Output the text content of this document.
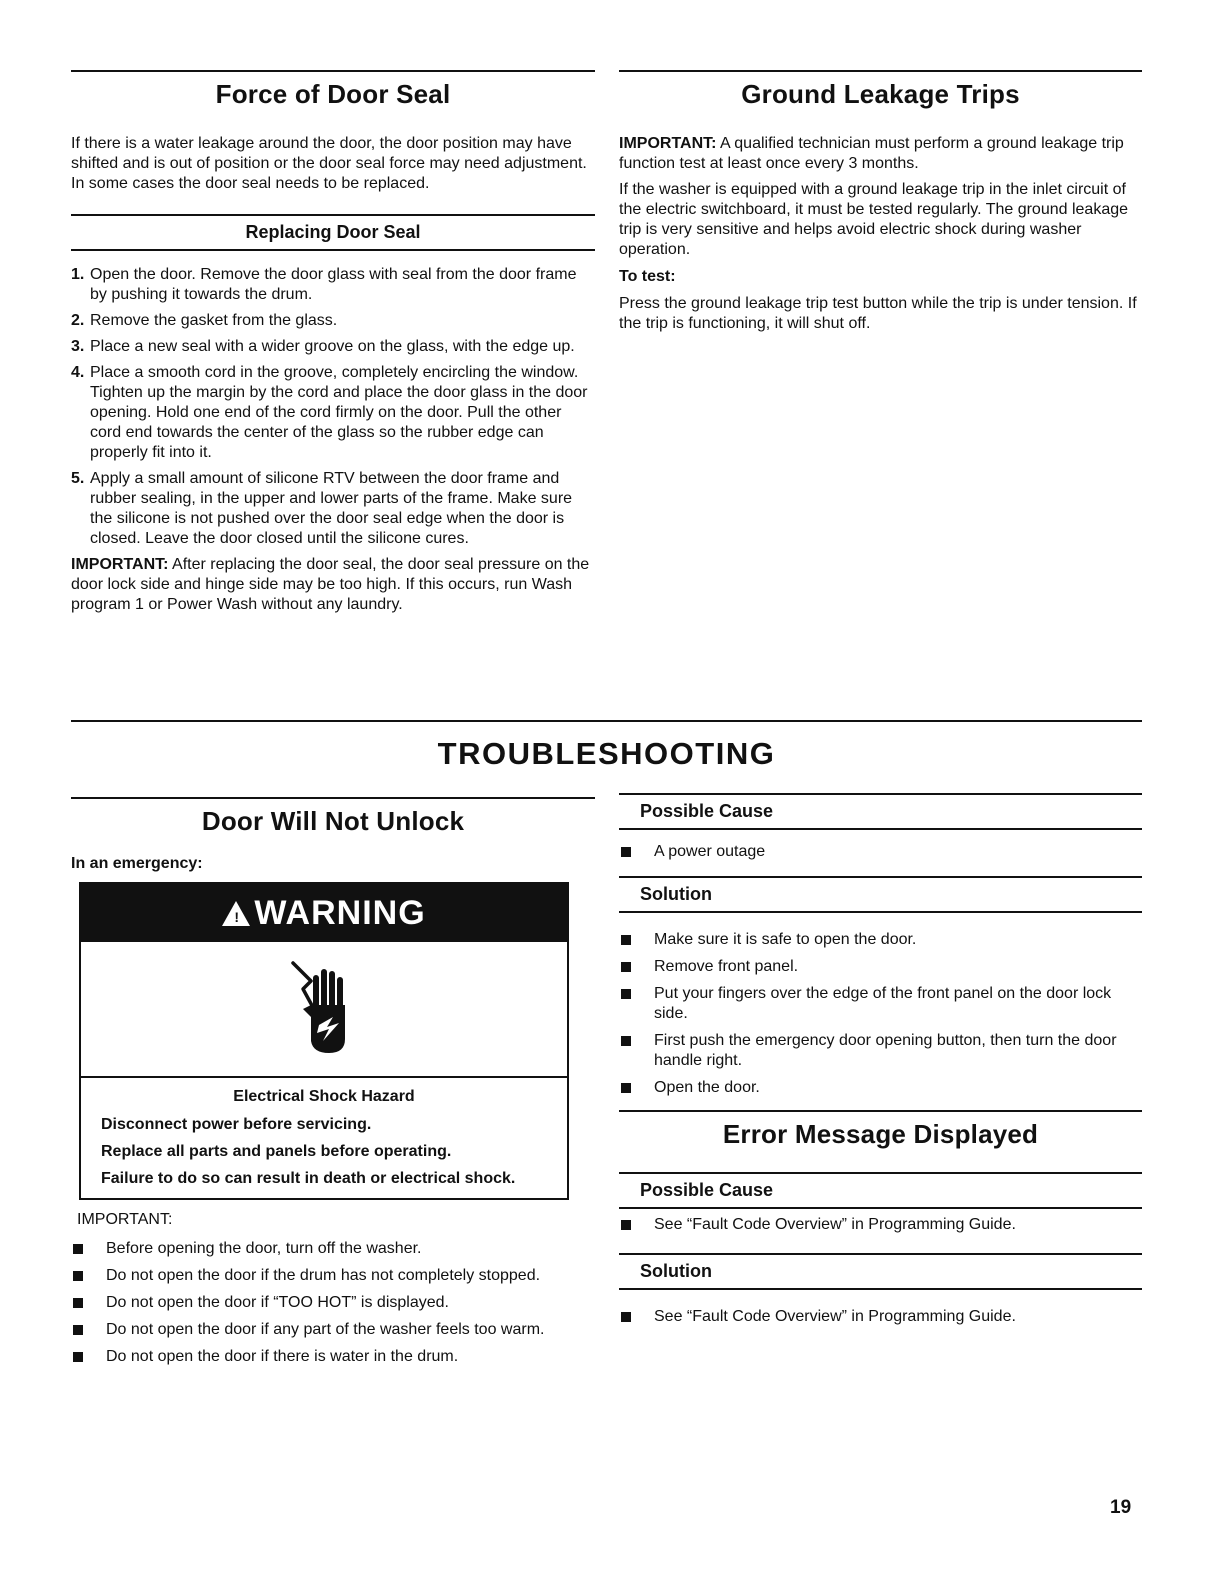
Force of Door Seal

If there is a water leakage around the door, the door position may have shifted and is out of position or the door seal force may need adjustment. In some cases the door seal needs to be replaced.

Replacing Door Seal
1. Open the door. Remove the door glass with seal from the door frame by pushing it towards the drum.
2. Remove the gasket from the glass.
3. Place a new seal with a wider groove on the glass, with the edge up.
4. Place a smooth cord in the groove, completely encircling the window. Tighten up the margin by the cord and place the door glass in the door opening. Hold one end of the cord firmly on the door. Pull the other cord end towards the center of the glass so the rubber edge can properly fit into it.
5. Apply a small amount of silicone RTV between the door frame and rubber sealing, in the upper and lower parts of the frame. Make sure the silicone is not pushed over the door seal edge when the door is closed. Leave the door closed until the silicone cures.

IMPORTANT: After replacing the door seal, the door seal pressure on the door lock side and hinge side may be too high. If this occurs, run Wash program 1 or Power Wash without any laundry.

Ground Leakage Trips

IMPORTANT: A qualified technician must perform a ground leakage trip function test at least once every 3 months.

If the washer is equipped with a ground leakage trip in the inlet circuit of the electric switchboard, it must be tested regularly. The ground leakage trip is very sensitive and helps avoid electric shock during washer operation.

To test:

Press the ground leakage trip test button while the trip is under tension. If the trip is functioning, it will shut off.

TROUBLESHOOTING
Door Will Not Unlock

In an emergency:

! WARNING

Electrical Shock Hazard

Disconnect power before servicing.

Replace all parts and panels before operating.

Failure to do so can result in death or electrical shock.

IMPORTANT:

Before opening the door, turn off the washer.
Do not open the door if the drum has not completely stopped.
Do not open the door if “TOO HOT” is displayed.
Do not open the door if any part of the washer feels too warm.
Do not open the door if there is water in the drum.
Possible Cause
A power outage
Solution
Make sure it is safe to open the door.
Remove front panel.
Put your fingers over the edge of the front panel on the door lock side.
First push the emergency door opening button, then turn the door handle right.
Open the door.
Error Message Displayed
Possible Cause
See “Fault Code Overview” in Programming Guide.
Solution
See “Fault Code Overview” in Programming Guide.
19
